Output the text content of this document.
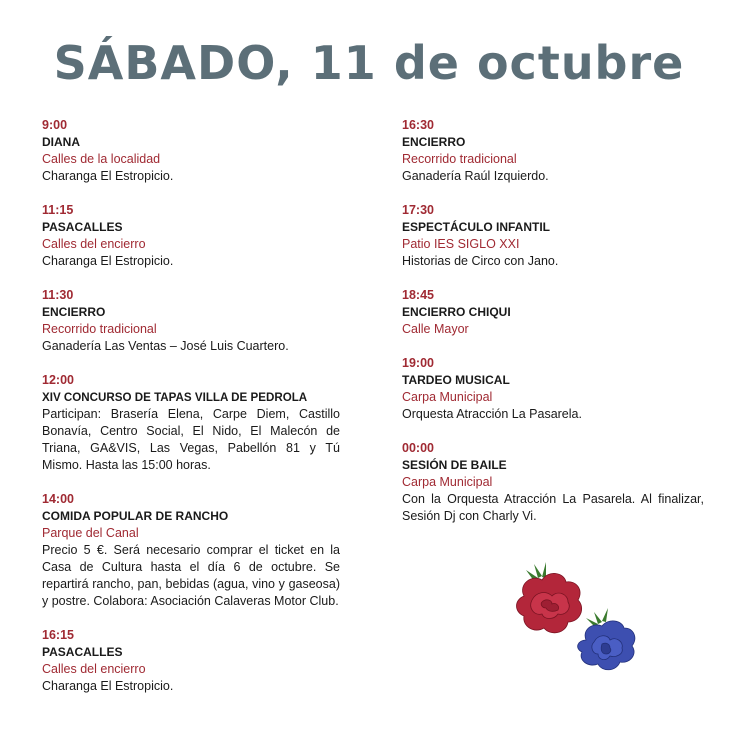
SÁBADO, 11 de octubre
9:00
DIANA
Calles de la localidad
Charanga El Estropicio.
11:15
PASACALLES
Calles del encierro
Charanga El Estropicio.
11:30
ENCIERRO
Recorrido tradicional
Ganadería Las Ventas – José Luis Cuartero.
12:00
XIV CONCURSO DE TAPAS VILLA DE PEDROLA
Participan: Brasería Elena, Carpe Diem, Castillo Bonavía, Centro Social, El Nido, El Malecón de Triana, GA&VIS, Las Vegas, Pabellón 81 y Tú Mismo. Hasta las 15:00 horas.
14:00
COMIDA POPULAR DE RANCHO
Parque del Canal
Precio 5 €. Será necesario comprar el ticket en la Casa de Cultura hasta el día 6 de octubre. Se repartirá rancho, pan, bebidas (agua, vino y gaseosa) y postre. Colabora: Asociación Calaveras Motor Club.
16:15
PASACALLES
Calles del encierro
Charanga El Estropicio.
16:30
ENCIERRO
Recorrido tradicional
Ganadería Raúl Izquierdo.
17:30
ESPECTÁCULO INFANTIL
Patio IES SIGLO XXI
Historias de Circo con Jano.
18:45
ENCIERRO CHIQUI
Calle Mayor
19:00
TARDEO MUSICAL
Carpa Municipal
Orquesta Atracción La Pasarela.
00:00
SESIÓN DE BAILE
Carpa Municipal
Con la Orquesta Atracción La Pasarela. Al finalizar, Sesión Dj con Charly Vi.
